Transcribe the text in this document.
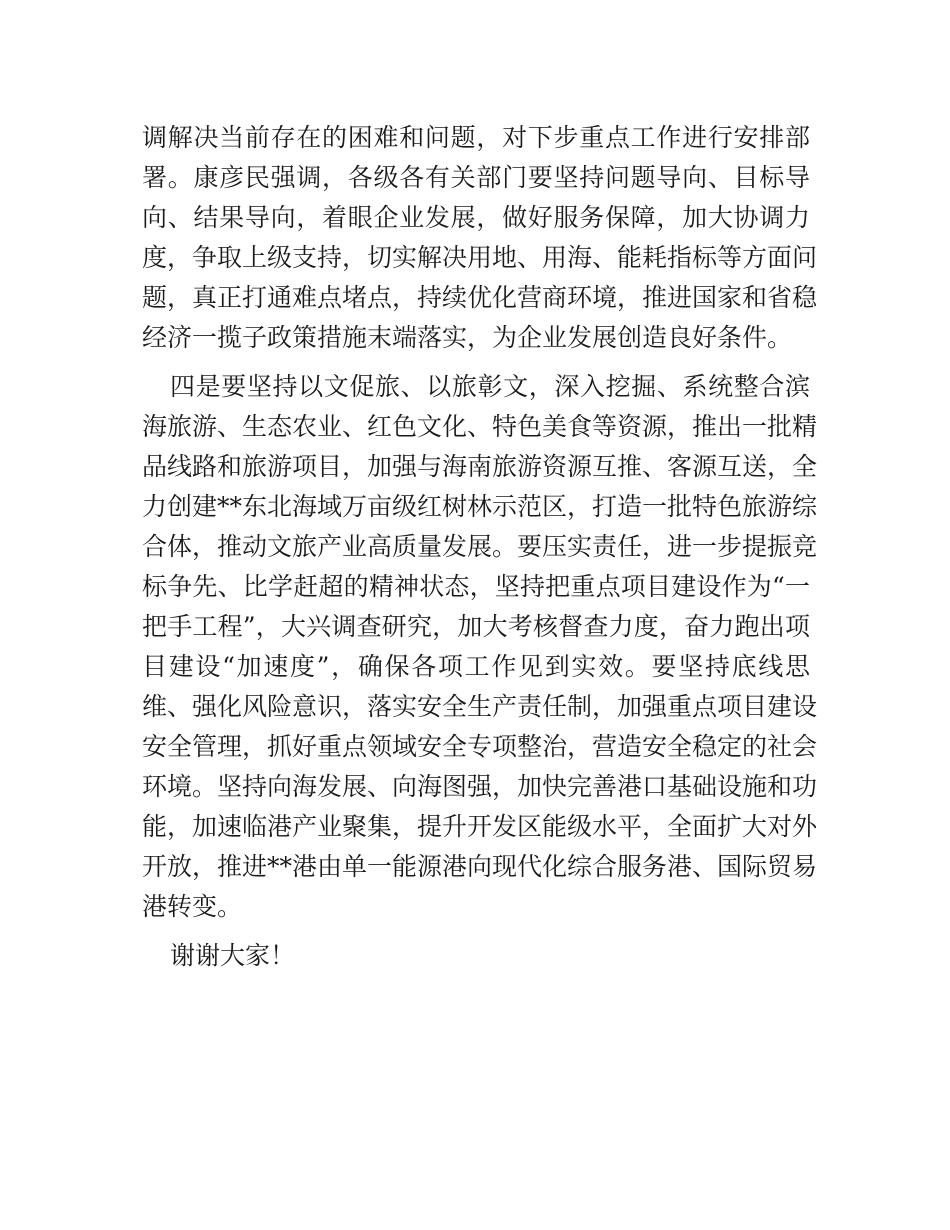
调解决当前存在的困难和问题，对下步重点工作进行安排部
署。康彦民强调，各级各有关部门要坚持问题导向、目标导
向、结果导向，着眼企业发展，做好服务保障，加大协调力
度，争取上级支持，切实解决用地、用海、能耗指标等方面问
题，真正打通难点堵点，持续优化营商环境，推进国家和省稳
经济一揽子政策措施末端落实，为企业发展创造良好条件。
四是要坚持以文促旅、以旅彰文，深入挖掘、系统整合滨
海旅游、生态农业、红色文化、特色美食等资源，推出一批精
品线路和旅游项目，加强与海南旅游资源互推、客源互送，全
力创建**东北海域万亩级红树林示范区，打造一批特色旅游综
合体，推动文旅产业高质量发展。要压实责任，进一步提振竞
标争先、比学赶超的精神状态，坚持把重点项目建设作为“一
把手工程”，大兴调查研究，加大考核督查力度，奋力跑出项
目建设“加速度”，确保各项工作见到实效。要坚持底线思
维、强化风险意识，落实安全生产责任制，加强重点项目建设
安全管理，抓好重点领域安全专项整治，营造安全稳定的社会
环境。坚持向海发展、向海图强，加快完善港口基础设施和功
能，加速临港产业聚集，提升开发区能级水平，全面扩大对外
开放，推进**港由单一能源港向现代化综合服务港、国际贸易
港转变。
谢谢大家！
